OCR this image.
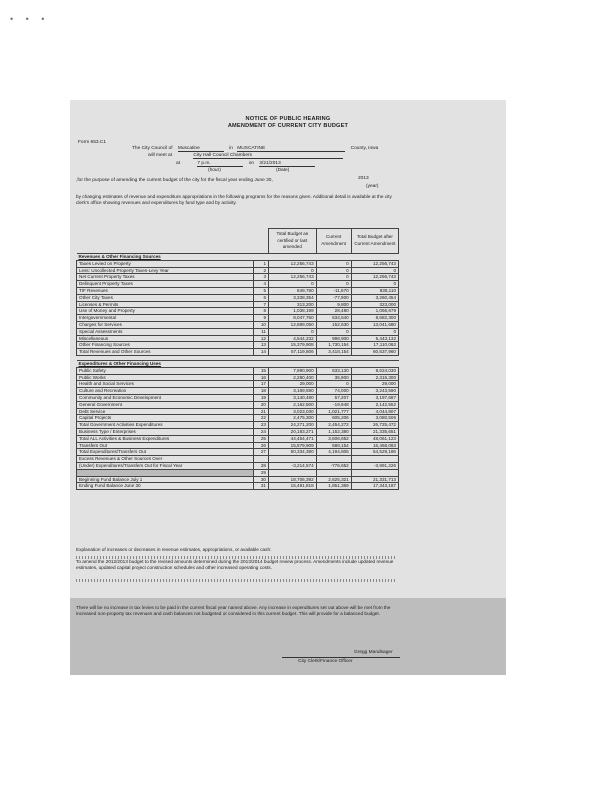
• • •
NOTICE OF PUBLIC HEARING
AMENDMENT OF CURRENT CITY BUDGET
Form 653.C1
The City Council of Muscatine	in MUSCATINE	County, Iowa
will meet at	City Hall Council Chambers
at	7 p.m.	on 3/21/2013
(hour)	(Date)
,for the purpose of amending the current budget of the city for the fiscal year ending June 30,	2013
(year)
by changing estimates of revenue and expenditure appropriations in the following programs for the reasons given. Additional detail is available at the city clerk's office showing revenues and expenditures by fund type and by activity.
		Total Budget as certified or last amended	Current Amendment	Total Budget after Current Amendment
Revenues & Other Financing Sources				
Taxes Levied on Property	1	12,256,743	0	12,256,743
Less: Uncollected Property Taxes-Levy Year	2	0	0	0
Net Current Property Taxes	3	12,256,743	0	12,256,743
Delinquent Property Taxes	4	0	0	0
TIF Revenues	5	849,780	-11,670	838,110
Other City Taxes	6	3,338,354	-77,900	3,260,454
Licenses & Permits	7	313,200	9,800	323,000
Use of Money and Property	8	1,038,199	28,480	1,066,679
Intergovernmental	9	8,047,760	634,540	8,682,300
Charges for Services	10	12,889,050	152,630	13,041,680
Special Assessments	11	0	0	0
Miscellaneous	12	4,544,232	998,900	5,443,132
Other Financing Sources	13	15,379,908	1,730,154	17,110,062
Total Revenues and Other Sources	14	57,119,806	3,418,154	60,537,960

Expenditures & Other Financing Uses				
Public Safety	15	7,990,900	633,130	8,624,030
Public Works	16	2,280,400	35,900	2,316,300
Health and Social Services	17	29,000	0	29,000
Culture and Recreation	18	3,169,590	74,000	3,243,590
Community and Economic Development	19	3,140,480	57,207	3,197,687
General Government	20	2,162,500	-19,948	2,142,552
Debt Service	21	3,023,030	1,021,777	4,044,807
Capital Projects	22	2,475,300	605,206	3,080,506
Total Government Activities Expenditures	23	24,271,200	2,454,272	26,725,472
Business Type / Enterprises	24	20,183,271	1,152,380	21,335,651
Total ALL Activities & Business Expenditures	25	44,454,471	3,606,652	48,061,123
Transfers Out	26	15,879,909	588,154	16,468,063
Total Expenditures/Transfers Out	27	60,334,380	4,194,806	64,529,186
Excess Revenues & Other Sources Over				
(Under) Expenditures/Transfers Out for Fiscal Year	28	-3,214,574	-776,652	-3,991,226
	29			
Beginning Fund Balance July 1	30	18,706,392	2,625,321	21,331,713
Ending Fund Balance June 30	31	15,491,818	1,851,369	17,343,187
Explanation of increases or decreases in revenue estimates, appropriations, or available cash:
To amend the 2012/2013 budget to the revised amounts determined during the 2013/2014 budget review process. Amendments include updated revenue estimates, updated capital project construction schedules and other increased operating costs.
There will be no increase in tax levies to be paid in the current fiscal year named above. Any increase in expenditures set out above will be met from the increased non-property tax revenues and cash balances not budgeted or considered in this current budget. This will provide for a balanced budget.
Gregg Mandsager
City Clerk/Finance Officer
